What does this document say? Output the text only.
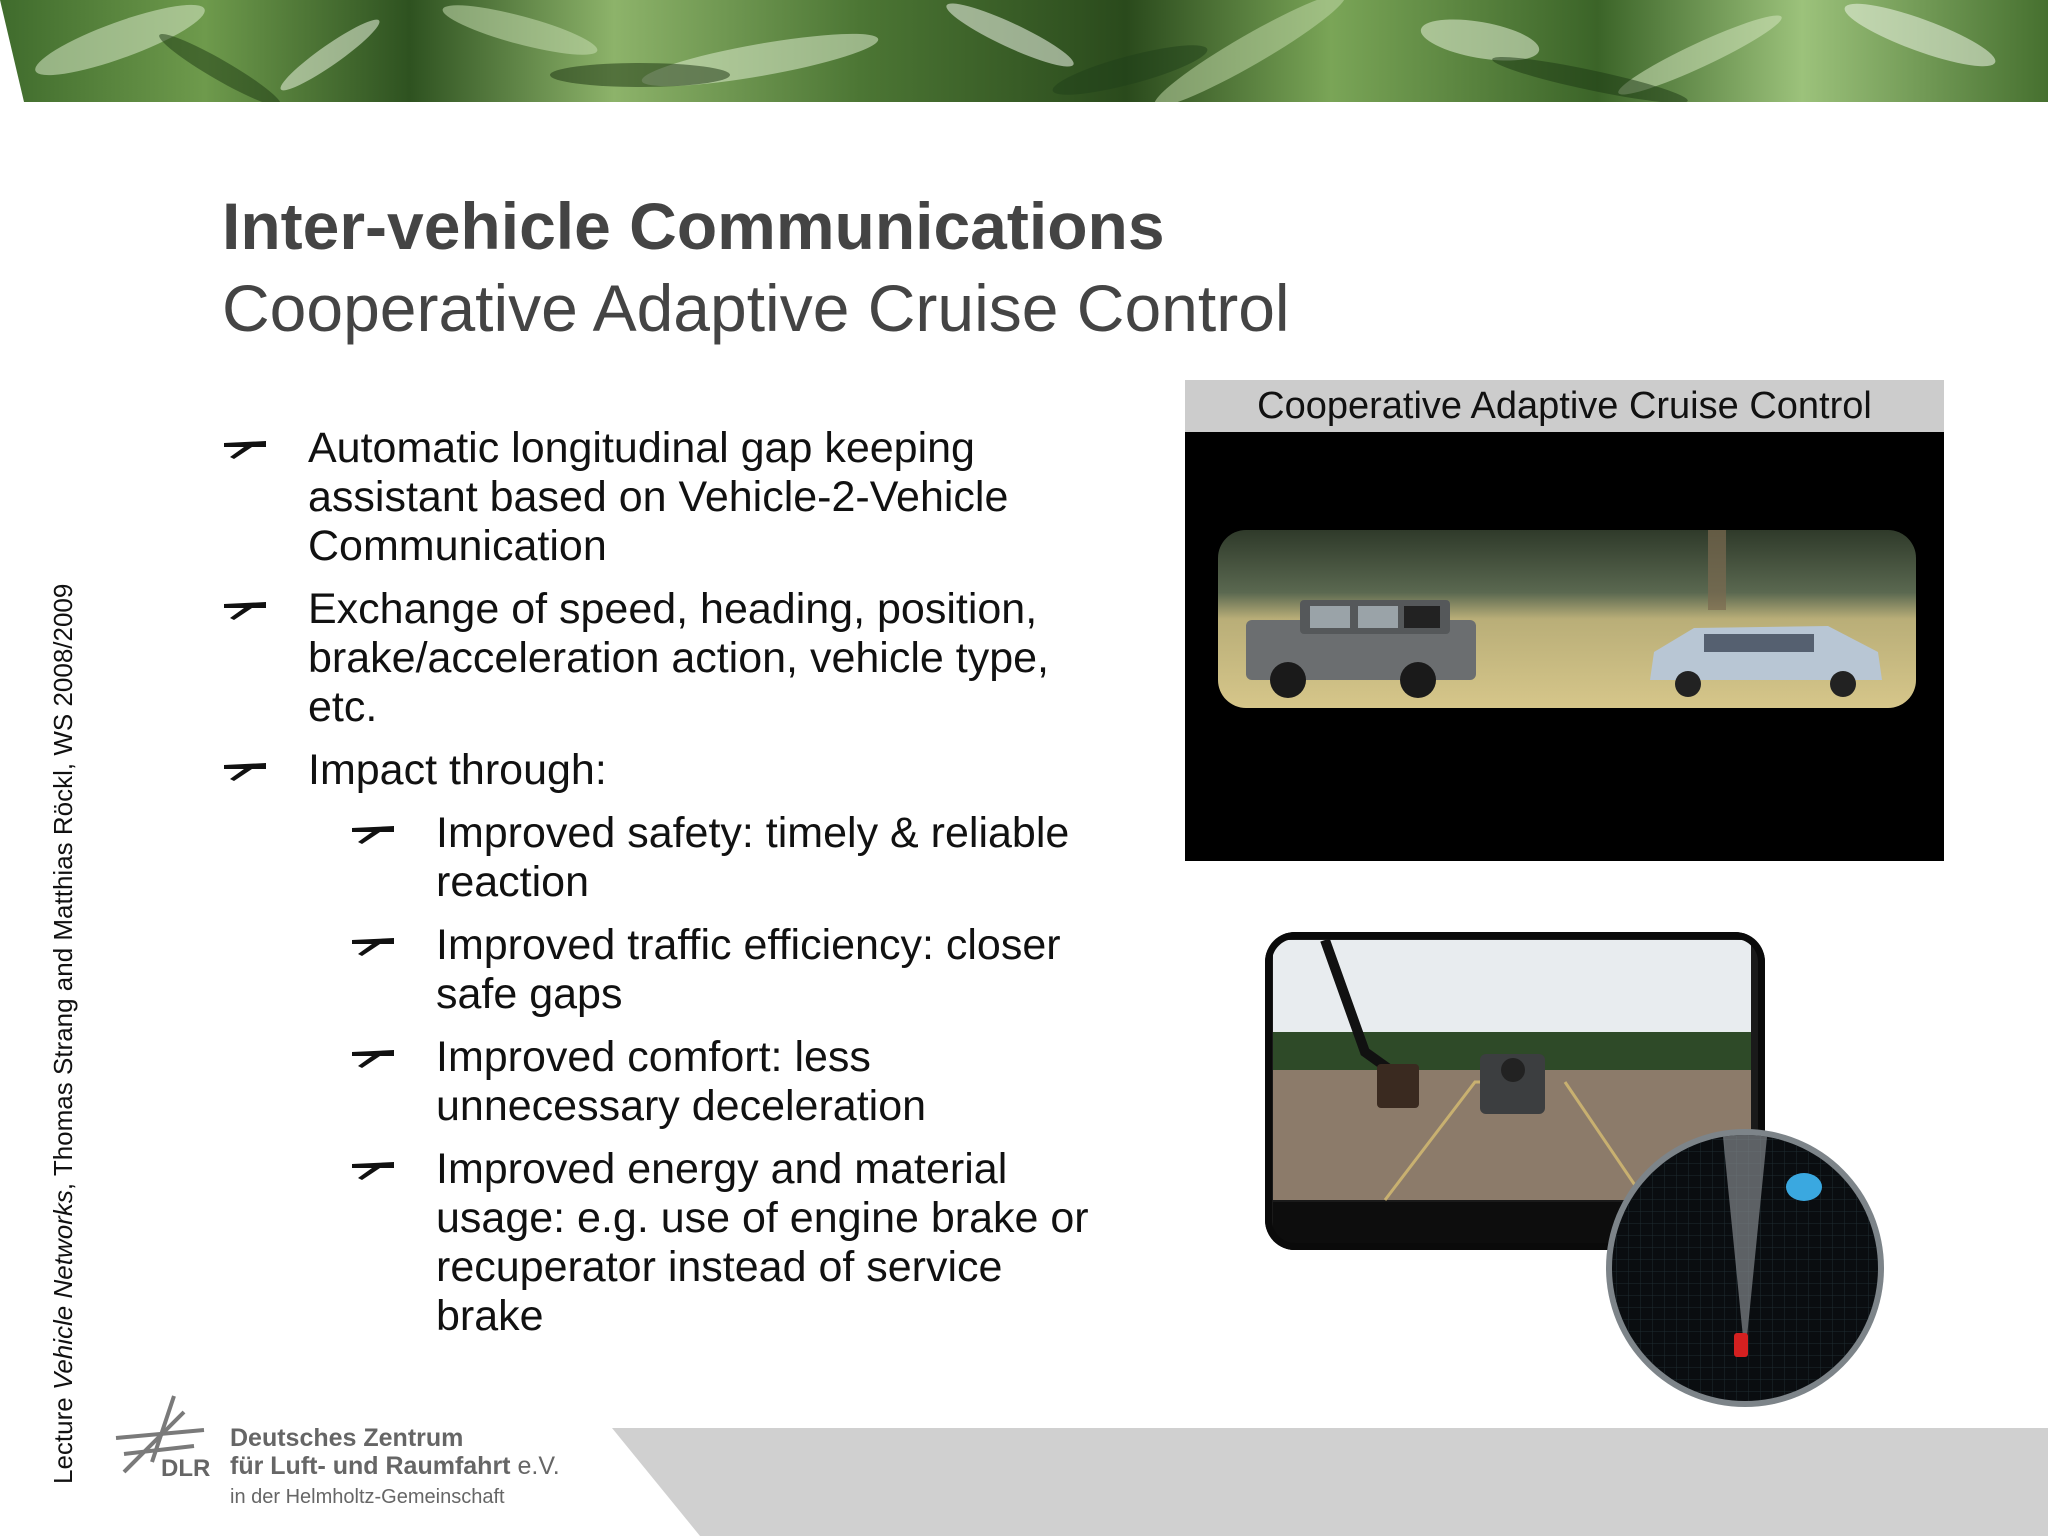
Lecture Vehicle Networks, Thomas Strang and Matthias Röckl, WS 2008/2009
Inter-vehicle Communications
Cooperative Adaptive Cruise Control
Automatic longitudinal gap keeping assistant based on Vehicle-2-Vehicle Communication
Exchange of speed, heading, position, brake/acceleration action, vehicle type, etc.
Impact through:
Improved safety: timely & reliable reaction
Improved traffic efficiency: closer safe gaps
Improved comfort: less unnecessary deceleration
Improved energy and material usage: e.g. use of engine brake or recuperator instead of service brake
Cooperative Adaptive Cruise Control
DLR
Deutsches Zentrum
für Luft- und Raumfahrt e.V.
in der Helmholtz-Gemeinschaft
